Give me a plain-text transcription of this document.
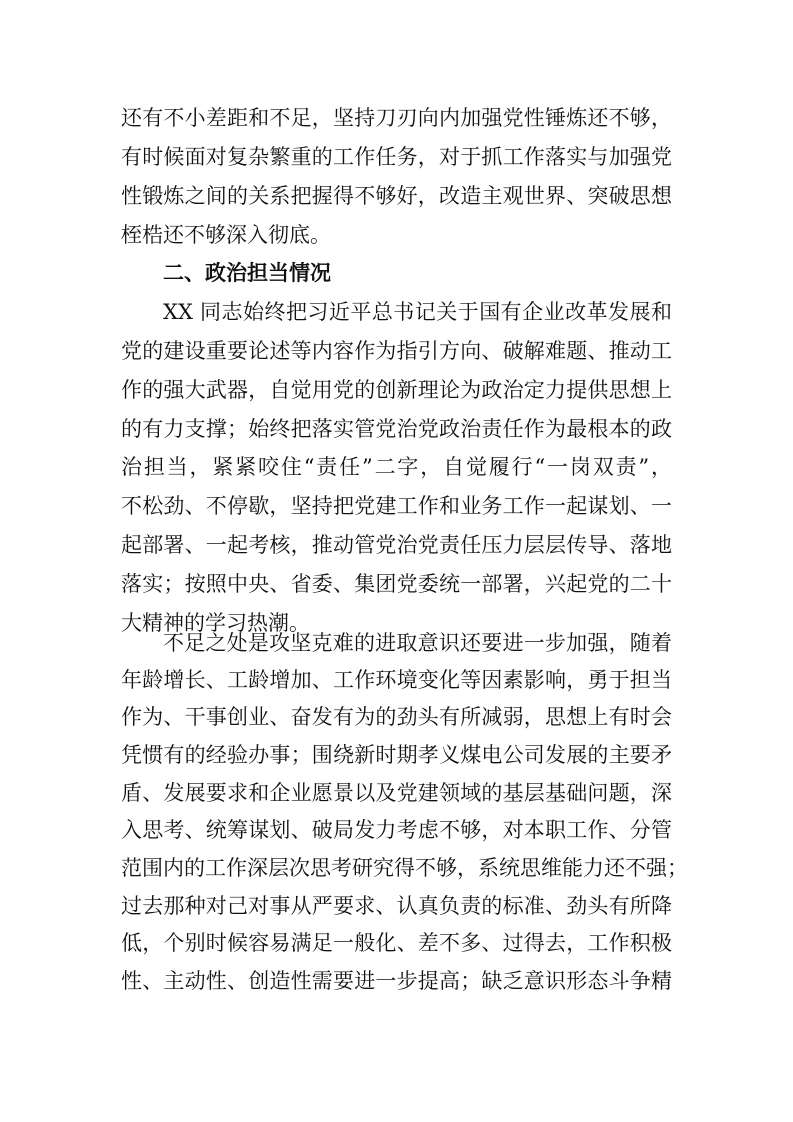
还有不小差距和不足，坚持刀刃向内加强党性锤炼还不够，
有时候面对复杂繁重的工作任务，对于抓工作落实与加强党
性锻炼之间的关系把握得不够好，改造主观世界、突破思想
桎梏还不够深入彻底。
二、政治担当情况
XX 同志始终把习近平总书记关于国有企业改革发展和
党的建设重要论述等内容作为指引方向、破解难题、推动工
作的强大武器，自觉用党的创新理论为政治定力提供思想上
的有力支撑；始终把落实管党治党政治责任作为最根本的政
治担当，紧紧咬住“责任”二字，自觉履行“一岗双责”，
不松劲、不停歇，坚持把党建工作和业务工作一起谋划、一
起部署、一起考核，推动管党治党责任压力层层传导、落地
落实；按照中央、省委、集团党委统一部署，兴起党的二十
大精神的学习热潮。
不足之处是攻坚克难的进取意识还要进一步加强，随着
年龄增长、工龄增加、工作环境变化等因素影响，勇于担当
作为、干事创业、奋发有为的劲头有所减弱，思想上有时会
凭惯有的经验办事；围绕新时期孝义煤电公司发展的主要矛
盾、发展要求和企业愿景以及党建领域的基层基础问题，深
入思考、统筹谋划、破局发力考虑不够，对本职工作、分管
范围内的工作深层次思考研究得不够，系统思维能力还不强；
过去那种对己对事从严要求、认真负责的标准、劲头有所降
低，个别时候容易满足一般化、差不多、过得去，工作积极
性、主动性、创造性需要进一步提高；缺乏意识形态斗争精
